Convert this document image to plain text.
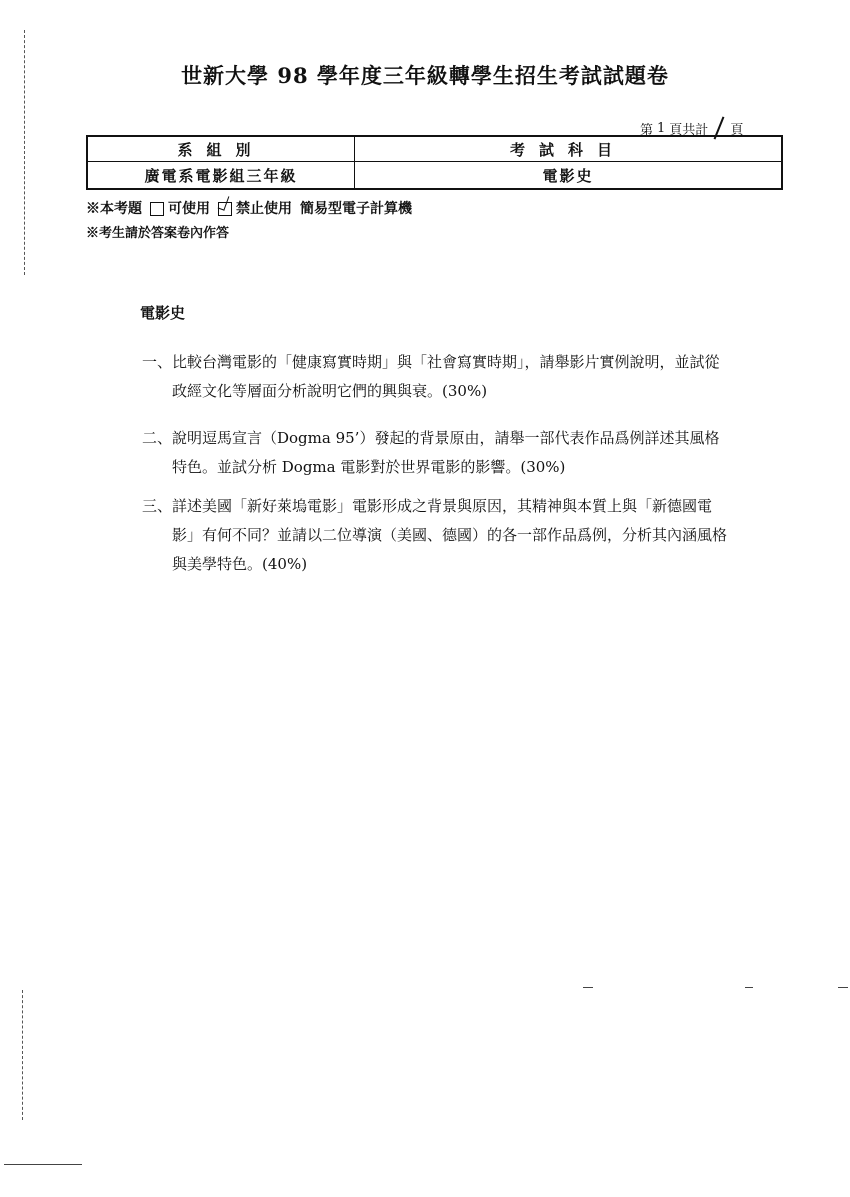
世新大學 98 學年度三年級轉學生招生考試試題卷
第 1 頁共計 頁
系組別	考試科目
廣電系電影組三年級	電影史
※本考題 可使用 禁止使用 簡易型電子計算機
※考生請於答案卷內作答
電影史
一、 比較台灣電影的「健康寫實時期」與「社會寫實時期」，請舉影片實例說明，並試從政經文化等層面分析說明它們的興與衰。(30%)
二、 說明逗馬宣言（Dogma 95’）發起的背景原由，請舉一部代表作品爲例詳述其風格特色。並試分析 Dogma 電影對於世界電影的影響。(30%)
三、 詳述美國「新好萊塢電影」電影形成之背景與原因，其精神與本質上與「新德國電影」有何不同？並請以二位導演（美國、德國）的各一部作品爲例，分析其內涵風格與美學特色。(40%)
